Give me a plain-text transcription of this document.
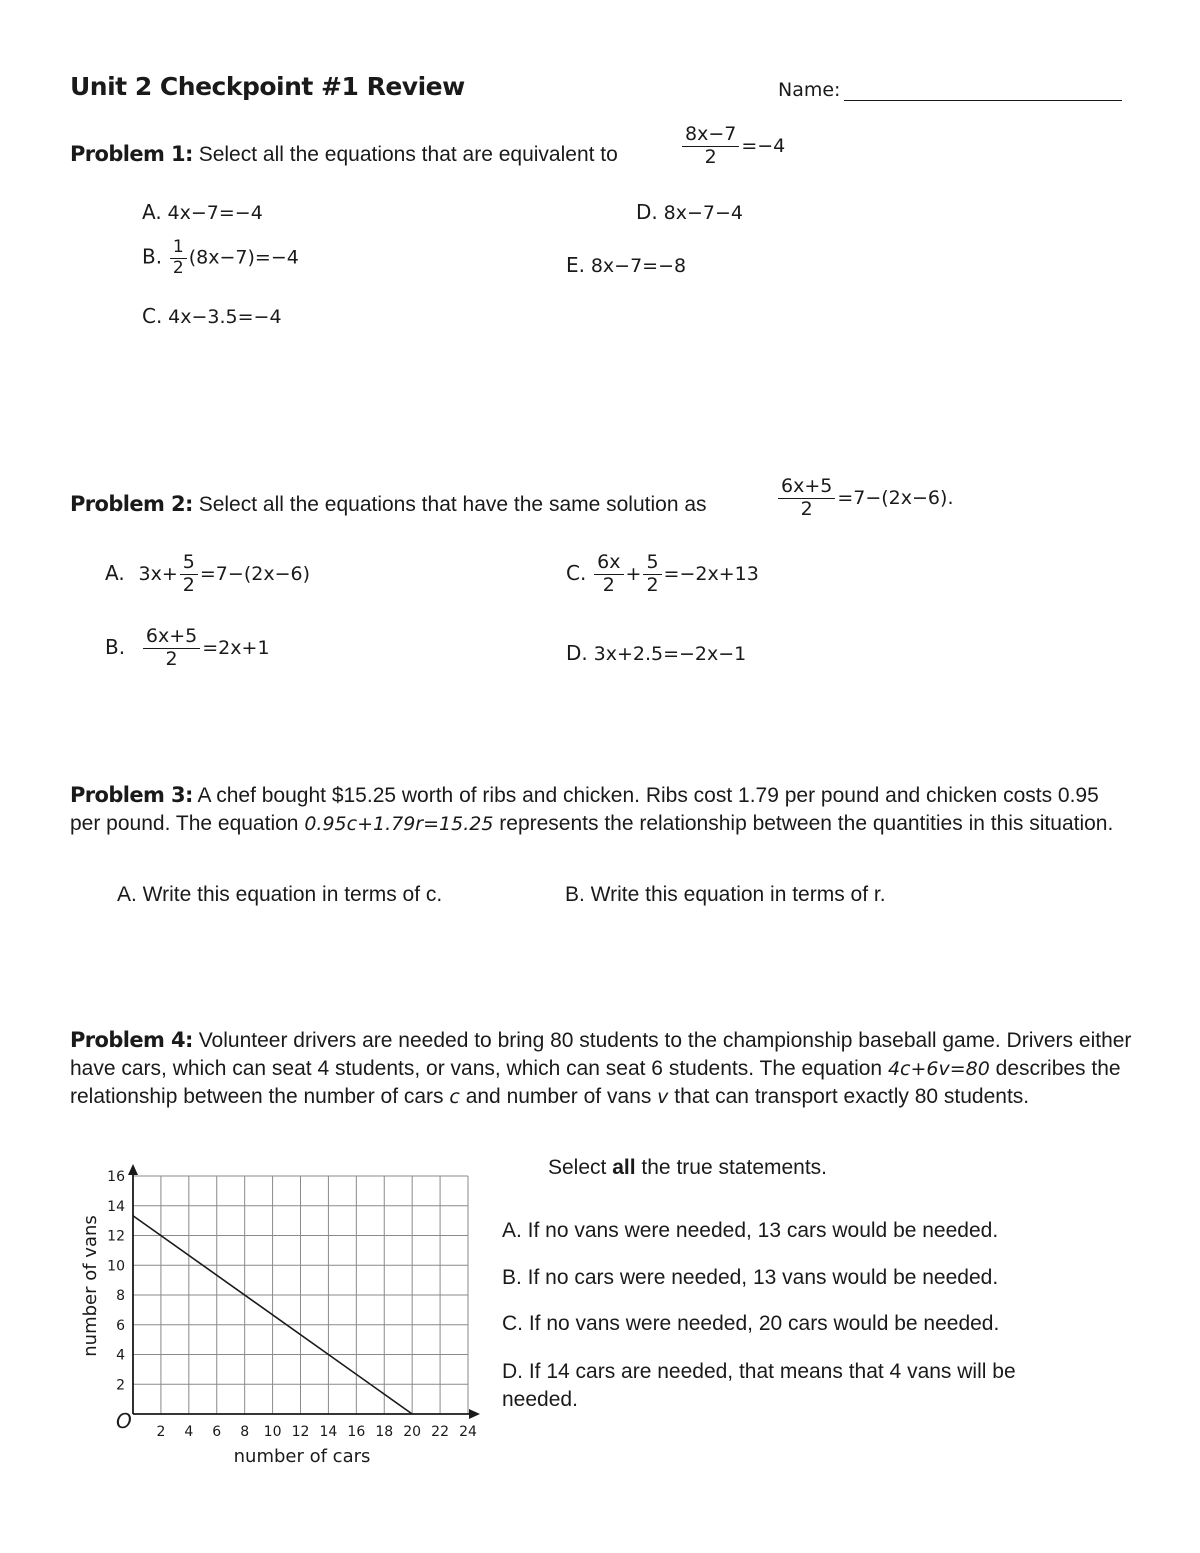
Unit 2 Checkpoint #1 Review	Name:
Problem 1: Select all the equations that are equivalent to	$\frac{8x-7}{2} =-4$
A. 4x−7=−4
B. $\frac{1}{2} (8x-7)=-4$
C. 4x−3.5=−4
D. 8x−7−4
E. 8x−7=−8
Problem 2: Select all the equations that have the same solution as	$\frac{6x+5}{2} =7-(2x-6)$.
A. $3x+ \frac{5}{2} =7-(2x-6)$
B. $\frac{6x+5}{2} =2x+1$
C. $\frac{6x}{2} + \frac{5}{2} =-2x+13$
D. 3x+2.5=−2x−1
Problem 3: A chef bought $15.25 worth of ribs and chicken. Ribs cost 1.79 per pound and chicken costs 0.95 per pound. The equation 0.95c+1.79r=15.25 represents the relationship between the quantities in this situation.
A. Write this equation in terms of c.	B. Write this equation in terms of r.
Problem 4: Volunteer drivers are needed to bring 80 students to the championship baseball game. Drivers either have cars, which can seat 4 students, or vans, which can seat 6 students. The equation 4c+6v=80 describes the relationship between the number of cars c and number of vans v that can transport exactly 80 students.
2 4 6 8 10 12 14 16 18 20 22 24
2
4
6
8
10
12
14
16
O
number of cars
number of vans
Select all the true statements.
A. If no vans were needed, 13 cars would be needed.
B. If no cars were needed, 13 vans would be needed.
C. If no vans were needed, 20 cars would be needed.
D. If 14 cars are needed, that means that 4 vans will be needed.
